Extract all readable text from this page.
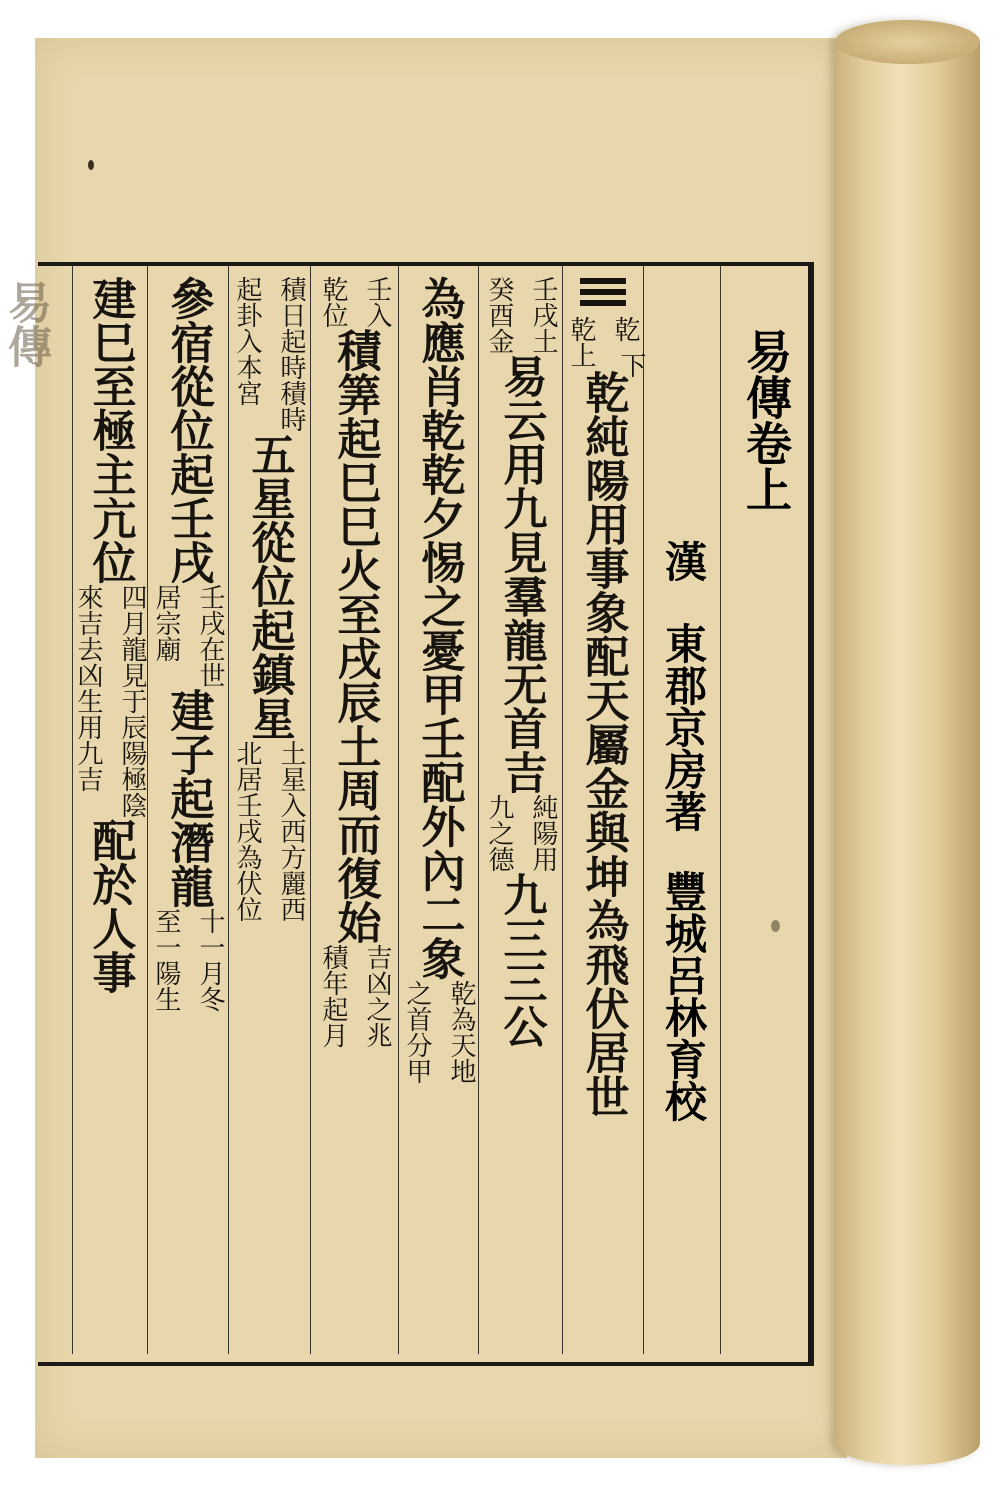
易傳
易傳卷上
漢
東郡京房著
豐城呂林育校
乾
乾上 下
乾純陽用事象配天屬金與坤為飛伏居世
壬戌土
癸酉金
易云用九見羣龍无首吉
純陽用
九之德
九三三公
為應肖乾乾夕惕之憂甲壬配外內二象
乾為天地
之首分甲
壬入
乾位
積筭起巳巳火至戌辰土周而復始
吉凶之兆
積年起月
積日起時積時
起卦入本宮
五星從位起鎮星
土星入西方麗西
北居壬戌為伏位
參宿從位起壬戌
壬戌在世
居宗廟
建子起潛龍
十一月冬
至一陽生
建巳至極主亢位
四月龍見于辰陽極陰
來吉去凶生用九吉
配於人事
